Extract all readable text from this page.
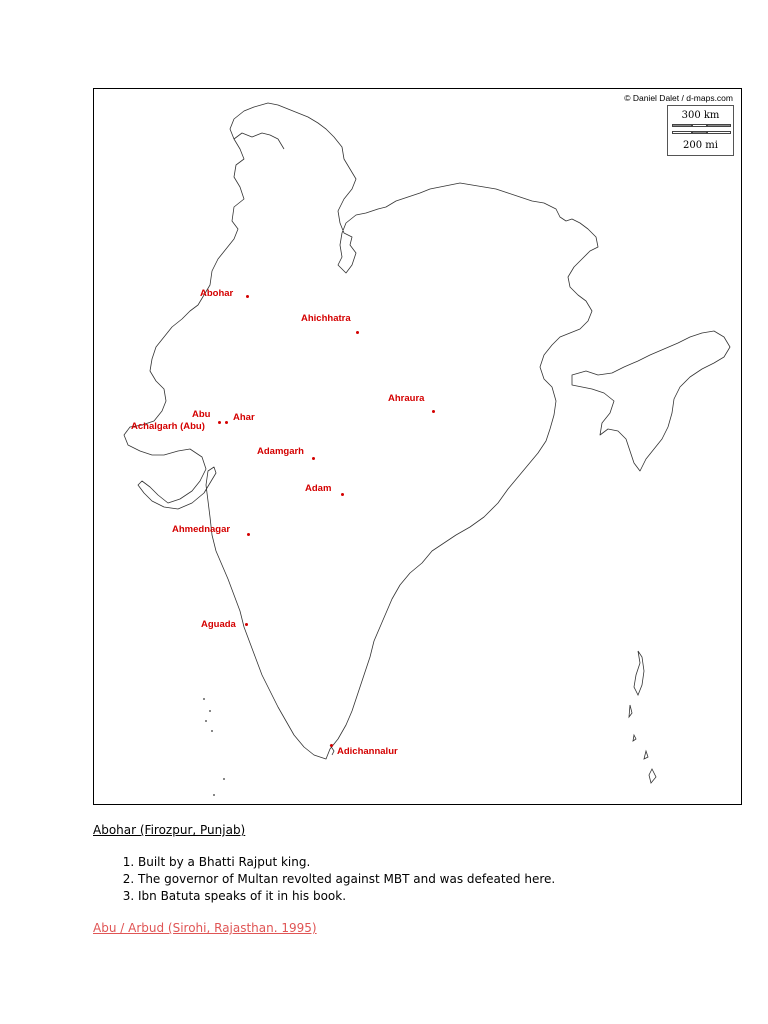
© Daniel Dalet / d-maps.com
300 km
200 mi
Abohar
Ahichhatra
Ahraura
Abu Ahar
Achalgarh (Abu)
Adamgarh
Adam
Ahmednagar
Aguada
Adichannalur
Abohar (Firozpur, Punjab)
1. Built by a Bhatti Rajput king.
2. The governor of Multan revolted against MBT and was defeated here.
3. Ibn Batuta speaks of it in his book.
Abu / Arbud (Sirohi, Rajasthan. 1995)
